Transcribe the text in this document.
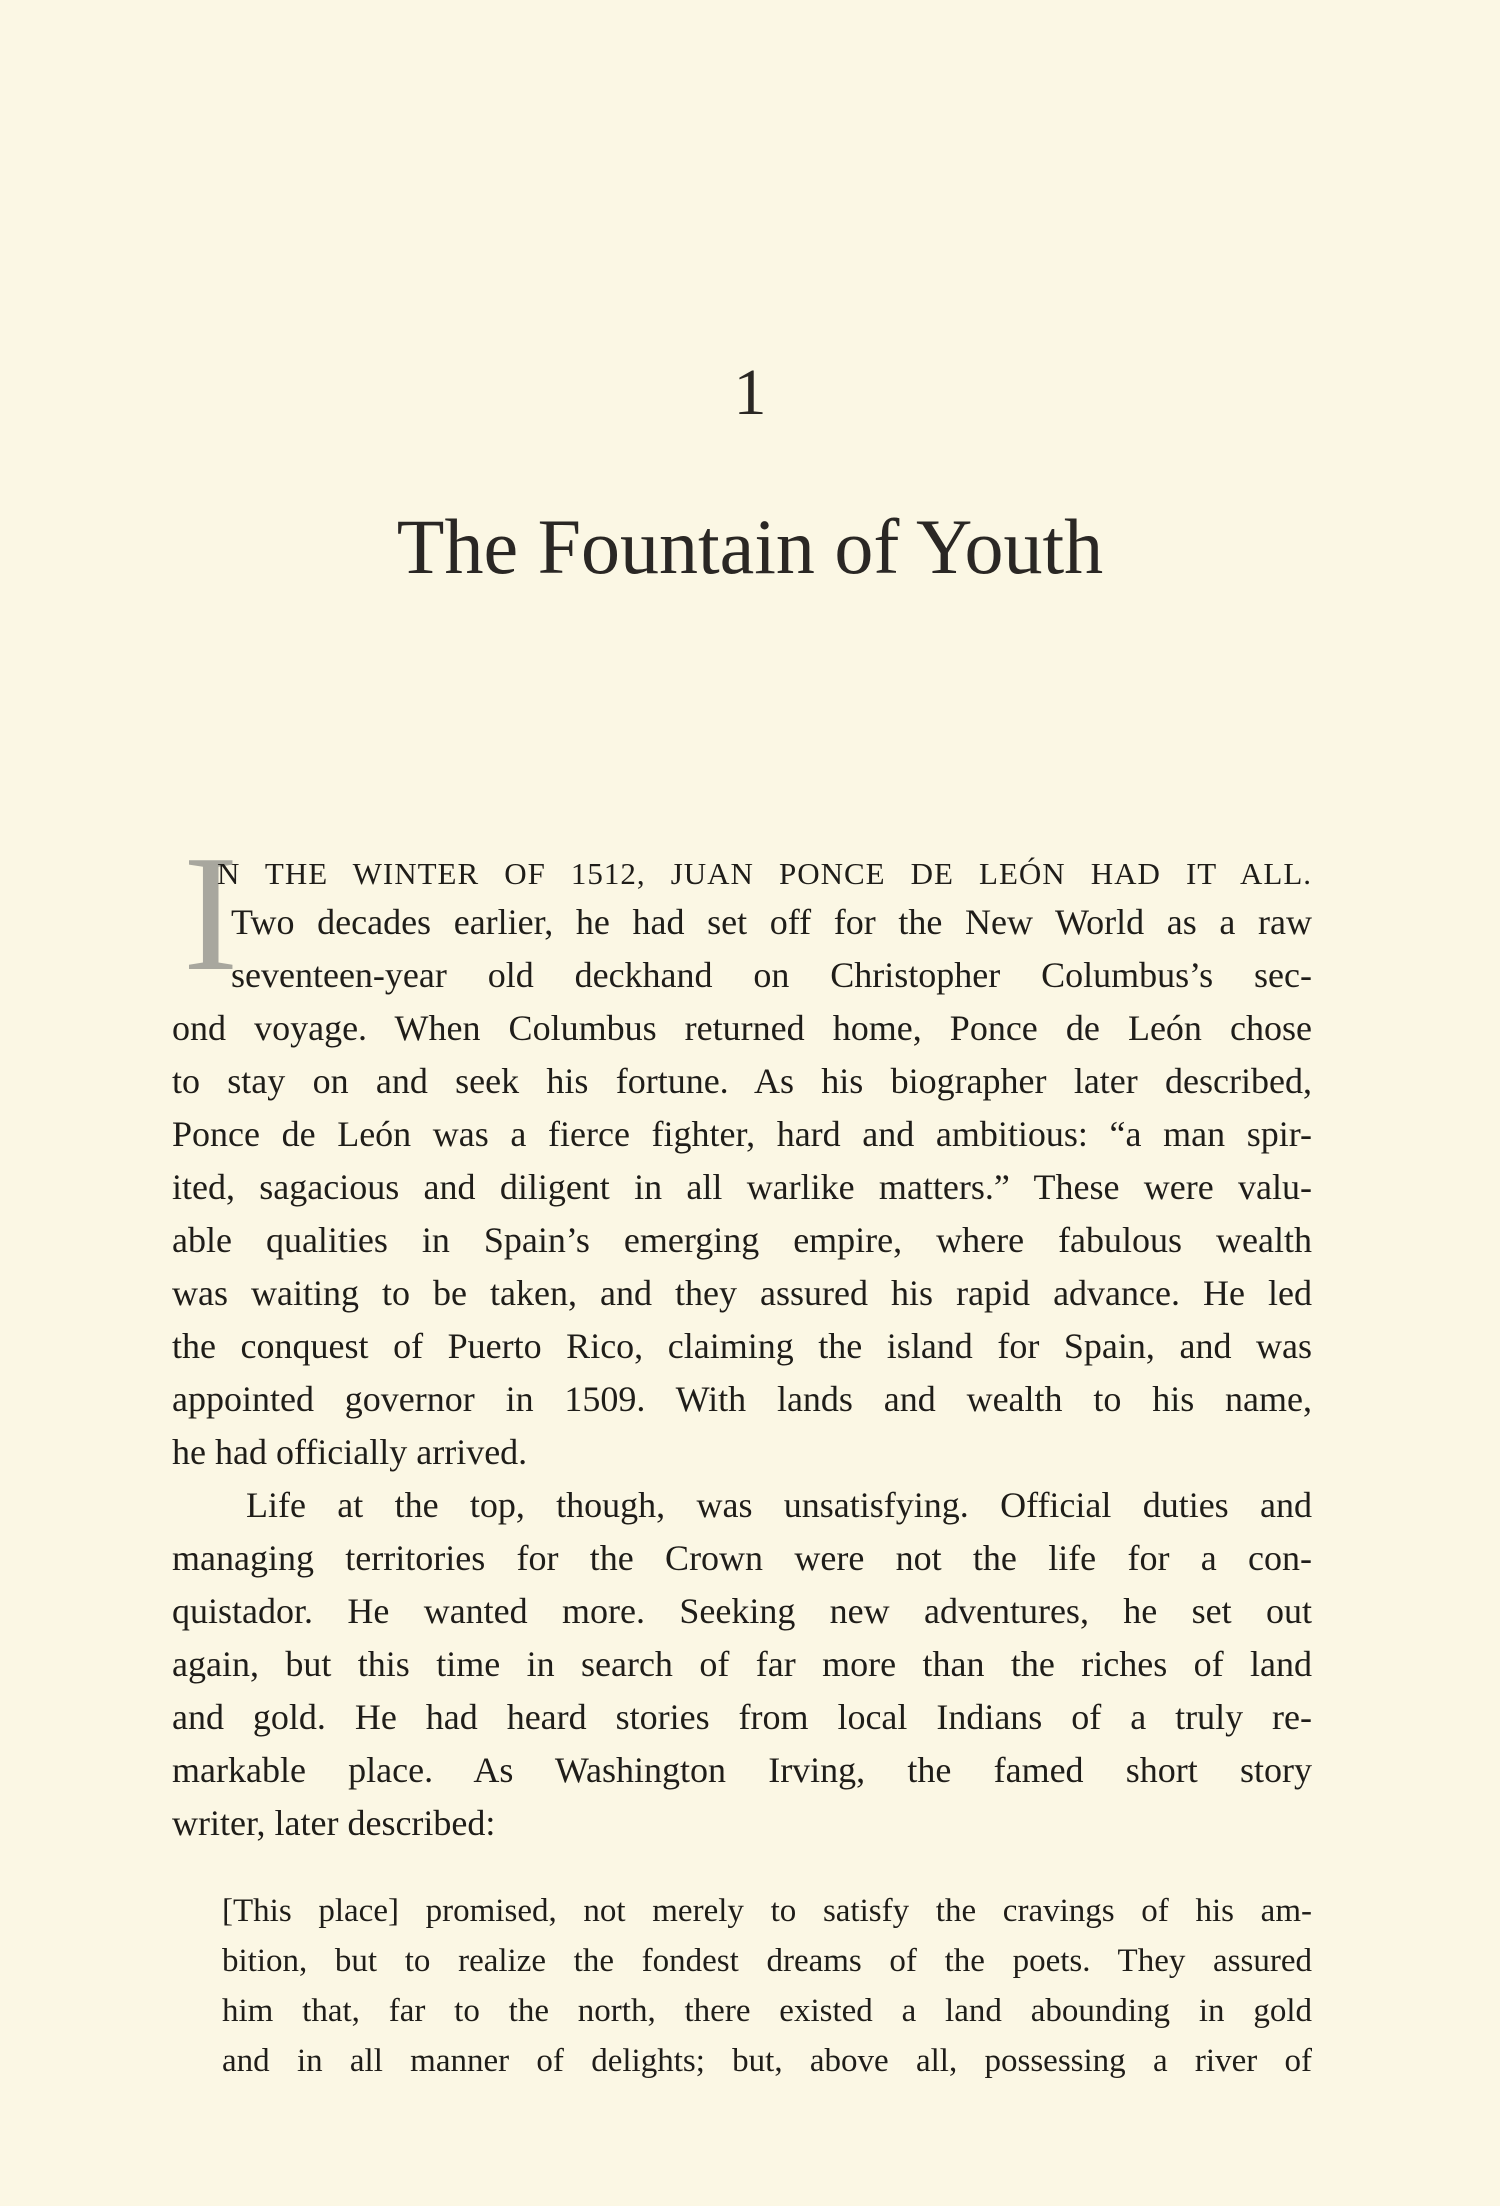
1
The Fountain of Youth
I
N THE WINTER OF 1512, JUAN PONCE DE LEÓN HAD IT ALL.
Two decades earlier, he had set off for the New World as a raw
seventeen-year old deckhand on Christopher Columbus’s sec-
ond voyage. When Columbus returned home, Ponce de León chose
to stay on and seek his fortune. As his biographer later described,
Ponce de León was a fierce fighter, hard and ambitious: “a man spir-
ited, sagacious and diligent in all warlike matters.” These were valu-
able qualities in Spain’s emerging empire, where fabulous wealth
was waiting to be taken, and they assured his rapid advance. He led
the conquest of Puerto Rico, claiming the island for Spain, and was
appointed governor in 1509. With lands and wealth to his name,
he had officially arrived.
Life at the top, though, was unsatisfying. Official duties and
managing territories for the Crown were not the life for a con-
quistador. He wanted more. Seeking new adventures, he set out
again, but this time in search of far more than the riches of land
and gold. He had heard stories from local Indians of a truly re-
markable place. As Washington Irving, the famed short story
writer, later described:
[This place] promised, not merely to satisfy the cravings of his am-
bition, but to realize the fondest dreams of the poets. They assured
him that, far to the north, there existed a land abounding in gold
and in all manner of delights; but, above all, possessing a river of
